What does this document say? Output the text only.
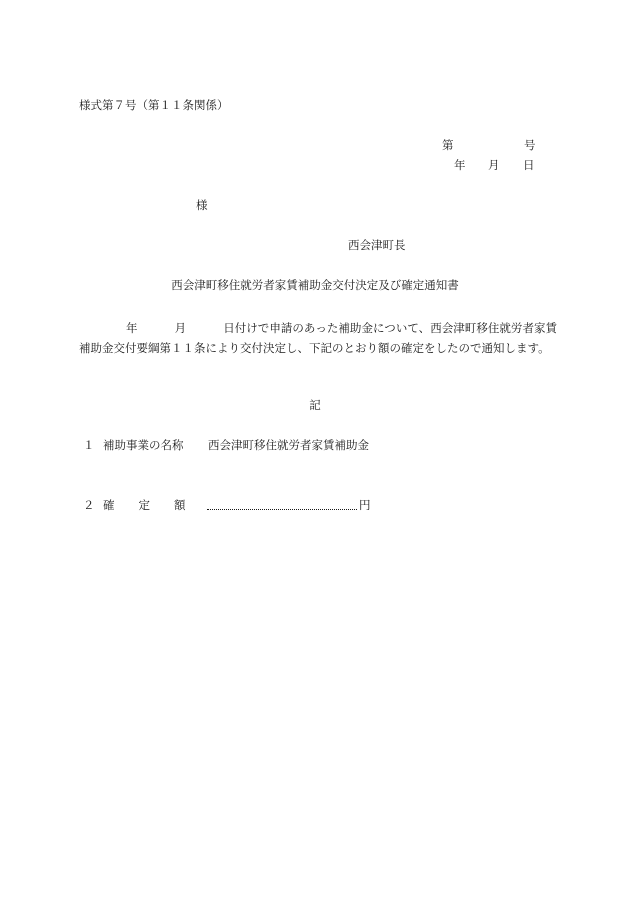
様式第７号（第１１条関係）
第	号
年 月 日
様
西会津町長
西会津町移住就労者家賃補助金交付決定及び確定通知書
年	月	日付けで申請のあった補助金について、西会津町移住就労者家賃補助金交付要綱第１１条により交付決定し、下記のとおり額の確定をしたので通知します。
記
１ 補助事業の名称 西会津町移住就労者家賃補助金
２ 確定額	円
